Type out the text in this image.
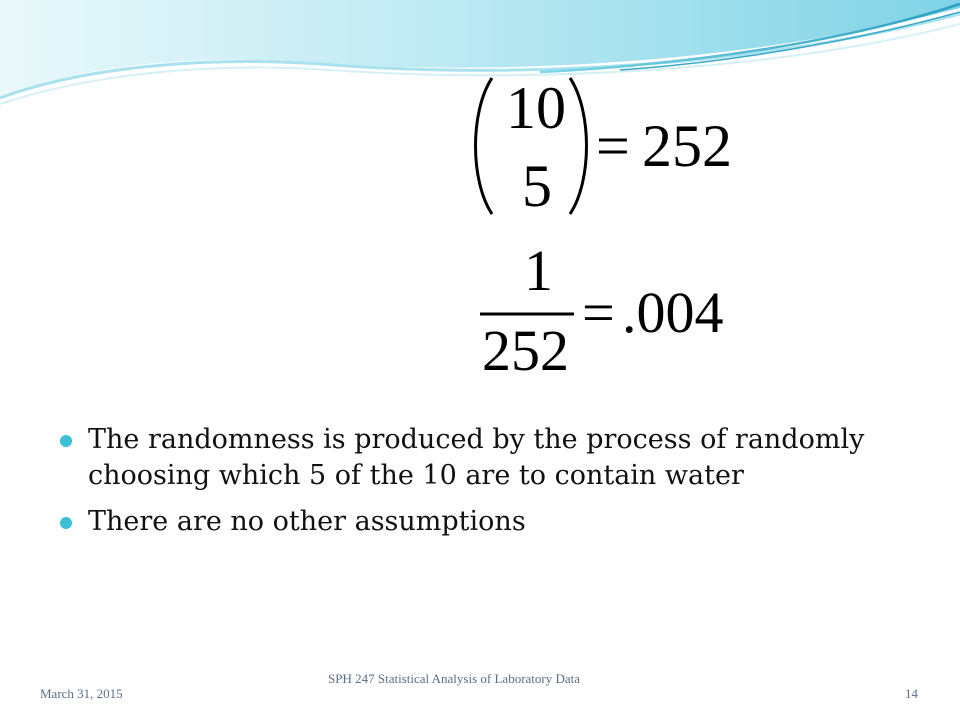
10
5
= 252
1
252
= .004
The randomness is produced by the process of randomly choosing which 5 of the 10 are to contain water
There are no other assumptions
March 31, 2015
SPH 247 Statistical Analysis of Laboratory Data
14
